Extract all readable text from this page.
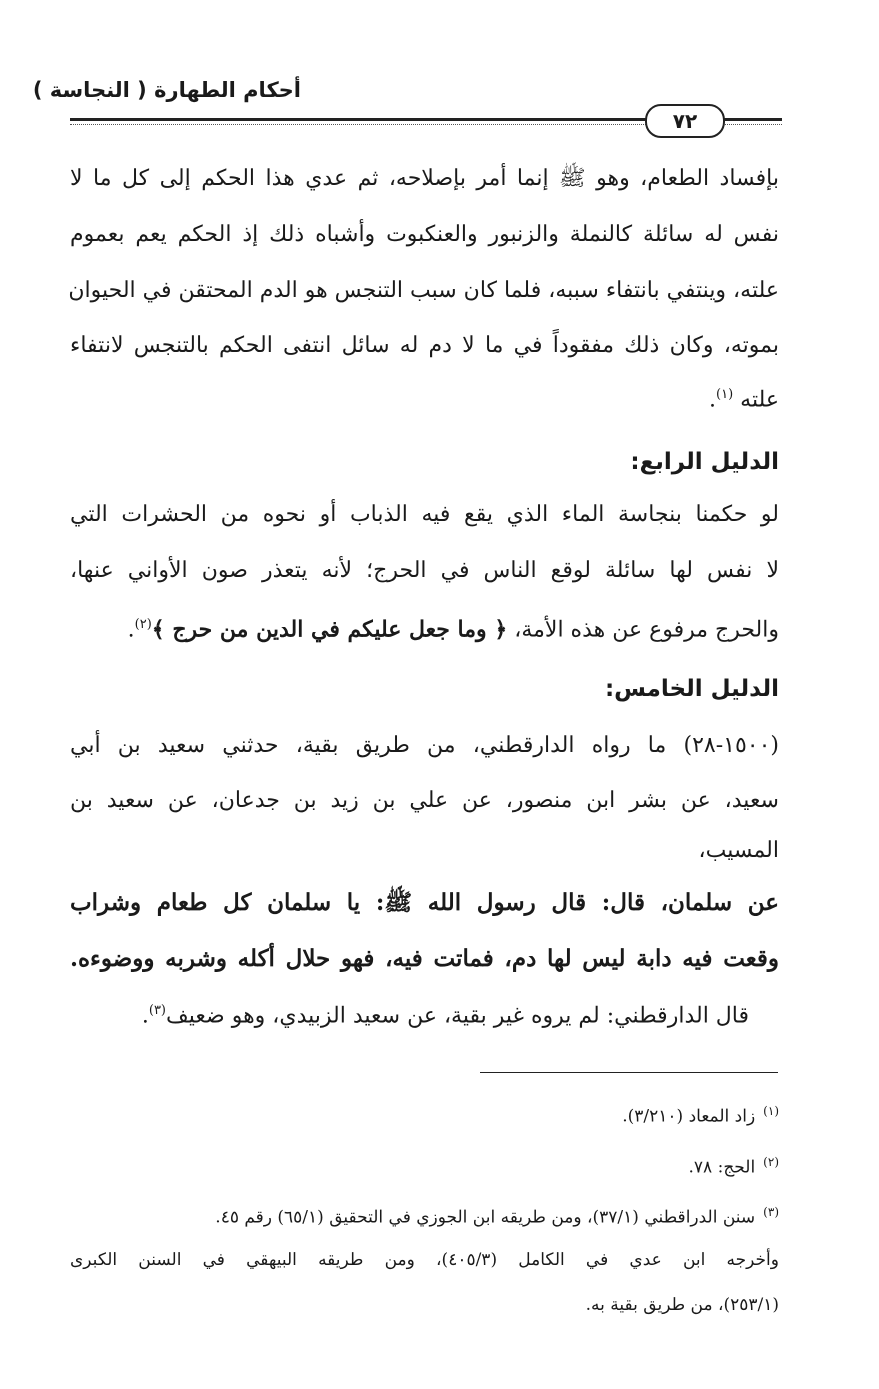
أحكام الطهارة ( النجاسة )
٧٢
بإفساد الطعام، وهو ﷺ إنما أمر بإصلاحه، ثم عدي هذا الحكم إلى كل ما لا
نفس له سائلة كالنملة والزنبور والعنكبوت وأشباه ذلك إذ الحكم يعم بعموم
علته، وينتفي بانتفاء سببه، فلما كان سبب التنجس هو الدم المحتقن في الحيوان
بموته، وكان ذلك مفقوداً في ما لا دم له سائل انتفى الحكم بالتنجس لانتفاء
علته $^{(١)}$.
الدليل الرابع:
لو حكمنا بنجاسة الماء الذي يقع فيه الذباب أو نحوه من الحشرات التي
لا نفس لها سائلة لوقع الناس في الحرج؛ لأنه يتعذر صون الأواني عنها،
والحرج مرفوع عن هذه الأمة، ﴿ وما جعل عليكم في الدين من حرج ﴾$^{(٢)}$.
الدليل الخامس:
(١٥٠٠-٢٨) ما رواه الدارقطني، من طريق بقية، حدثني سعيد بن أبي
سعيد، عن بشر ابن منصور، عن علي بن زيد بن جدعان، عن سعيد بن
المسيب،
عن سلمان، قال: قال رسول الله ﷺ: يا سلمان كل طعام وشراب
وقعت فيه دابة ليس لها دم، فماتت فيه، فهو حلال أكله وشربه ووضوءه.
قال الدارقطني: لم يروه غير بقية، عن سعيد الزبيدي، وهو ضعيف$^{(٣)}$.
$^{(١)}$زاد المعاد (٣/٢١٠).
$^{(٢)}$الحج: ٧٨.
$^{(٣)}$سنن الدراقطني (٣٧/١)، ومن طريقه ابن الجوزي في التحقيق (٦٥/١) رقم ٤٥.
وأخرجه ابن عدي في الكامل (٤٠٥/٣)، ومن طريقه البيهقي في السنن الكبرى
(٢٥٣/١)، من طريق بقية به.
